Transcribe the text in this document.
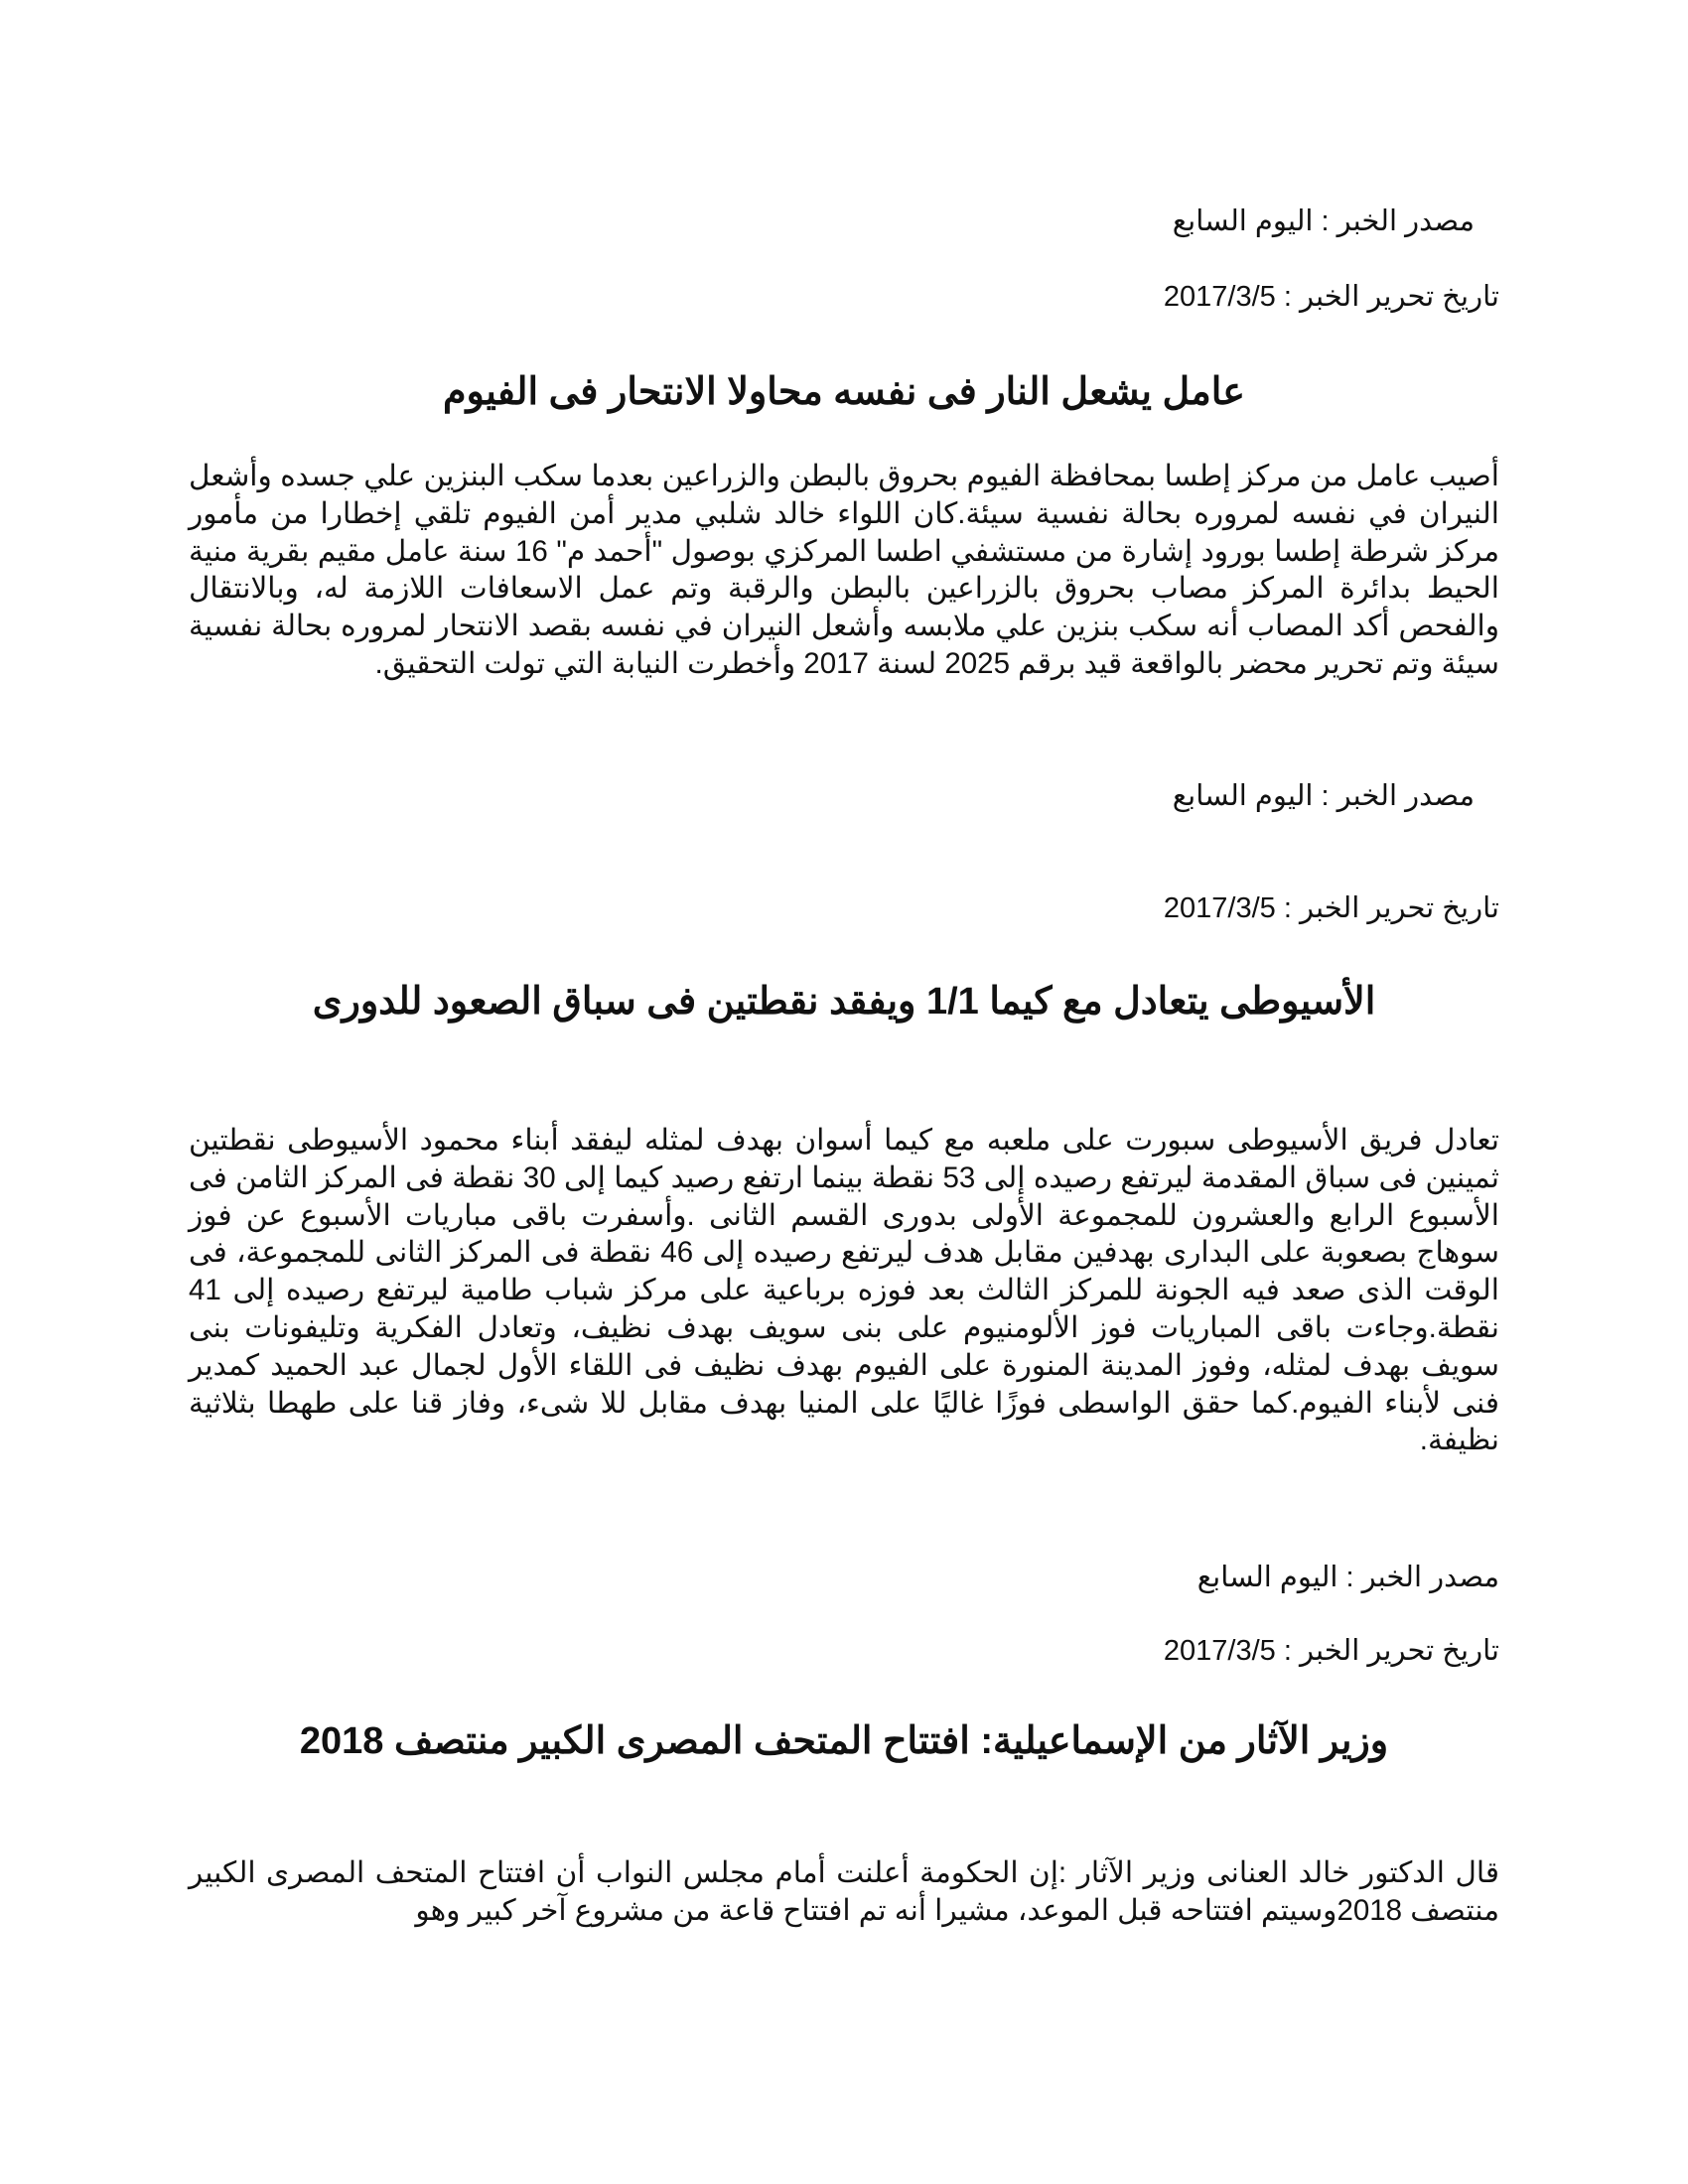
مصدر الخبر : اليوم السابع
تاريخ تحرير الخبر : 2017/3/5
عامل يشعل النار فى نفسه محاولا الانتحار فى الفيوم
أصيب عامل من مركز إطسا بمحافظة الفيوم بحروق بالبطن والزراعين بعدما سكب البنزين علي جسده وأشعل النيران في نفسه لمروره بحالة نفسية سيئة.كان اللواء خالد شلبي مدير أمن الفيوم تلقي إخطارا من مأمور مركز شرطة إطسا بورود إشارة من مستشفي اطسا المركزي بوصول "أحمد م" 16 سنة عامل مقيم بقرية منية الحيط بدائرة المركز مصاب بحروق بالزراعين بالبطن والرقبة وتم عمل الاسعافات اللازمة له، وبالانتقال والفحص أكد المصاب أنه سكب بنزين علي ملابسه وأشعل النيران في نفسه بقصد الانتحار لمروره بحالة نفسية سيئة وتم تحرير محضر بالواقعة قيد برقم 2025 لسنة 2017 وأخطرت النيابة التي تولت التحقيق.
مصدر الخبر : اليوم السابع
تاريخ تحرير الخبر : 2017/3/5
الأسيوطى يتعادل مع كيما 1/1 ويفقد نقطتين فى سباق الصعود للدورى
تعادل فريق الأسيوطى سبورت على ملعبه مع كيما أسوان بهدف لمثله ليفقد أبناء محمود الأسيوطى نقطتين ثمينين فى سباق المقدمة ليرتفع رصيده إلى 53 نقطة بينما ارتفع رصيد كيما إلى 30 نقطة فى المركز الثامن فى الأسبوع الرابع والعشرون للمجموعة الأولى بدورى القسم الثانى .وأسفرت باقى مباريات الأسبوع عن فوز سوهاج بصعوبة على البدارى بهدفين مقابل هدف ليرتفع رصيده إلى 46 نقطة فى المركز الثانى للمجموعة، فى الوقت الذى صعد فيه الجونة للمركز الثالث بعد فوزه برباعية على مركز شباب طامية ليرتفع رصيده إلى 41 نقطة.وجاءت باقى المباريات فوز الألومنيوم على بنى سويف بهدف نظيف، وتعادل الفكرية وتليفونات بنى سويف بهدف لمثله، وفوز المدينة المنورة على الفيوم بهدف نظيف فى اللقاء الأول لجمال عبد الحميد كمدير فنى لأبناء الفيوم.كما حقق الواسطى فوزًا غاليًا على المنيا بهدف مقابل للا شىء، وفاز قنا على طهطا بثلاثية نظيفة.
مصدر الخبر : اليوم السابع
تاريخ تحرير الخبر : 2017/3/5
وزير الآثار من الإسماعيلية: افتتاح المتحف المصرى الكبير منتصف 2018
قال الدكتور خالد العنانى وزير الآثار :إن الحكومة أعلنت أمام مجلس النواب أن افتتاح المتحف المصرى الكبير منتصف 2018وسيتم افتتاحه قبل الموعد، مشيرا أنه تم افتتاح قاعة من مشروع آخر كبير وهو
